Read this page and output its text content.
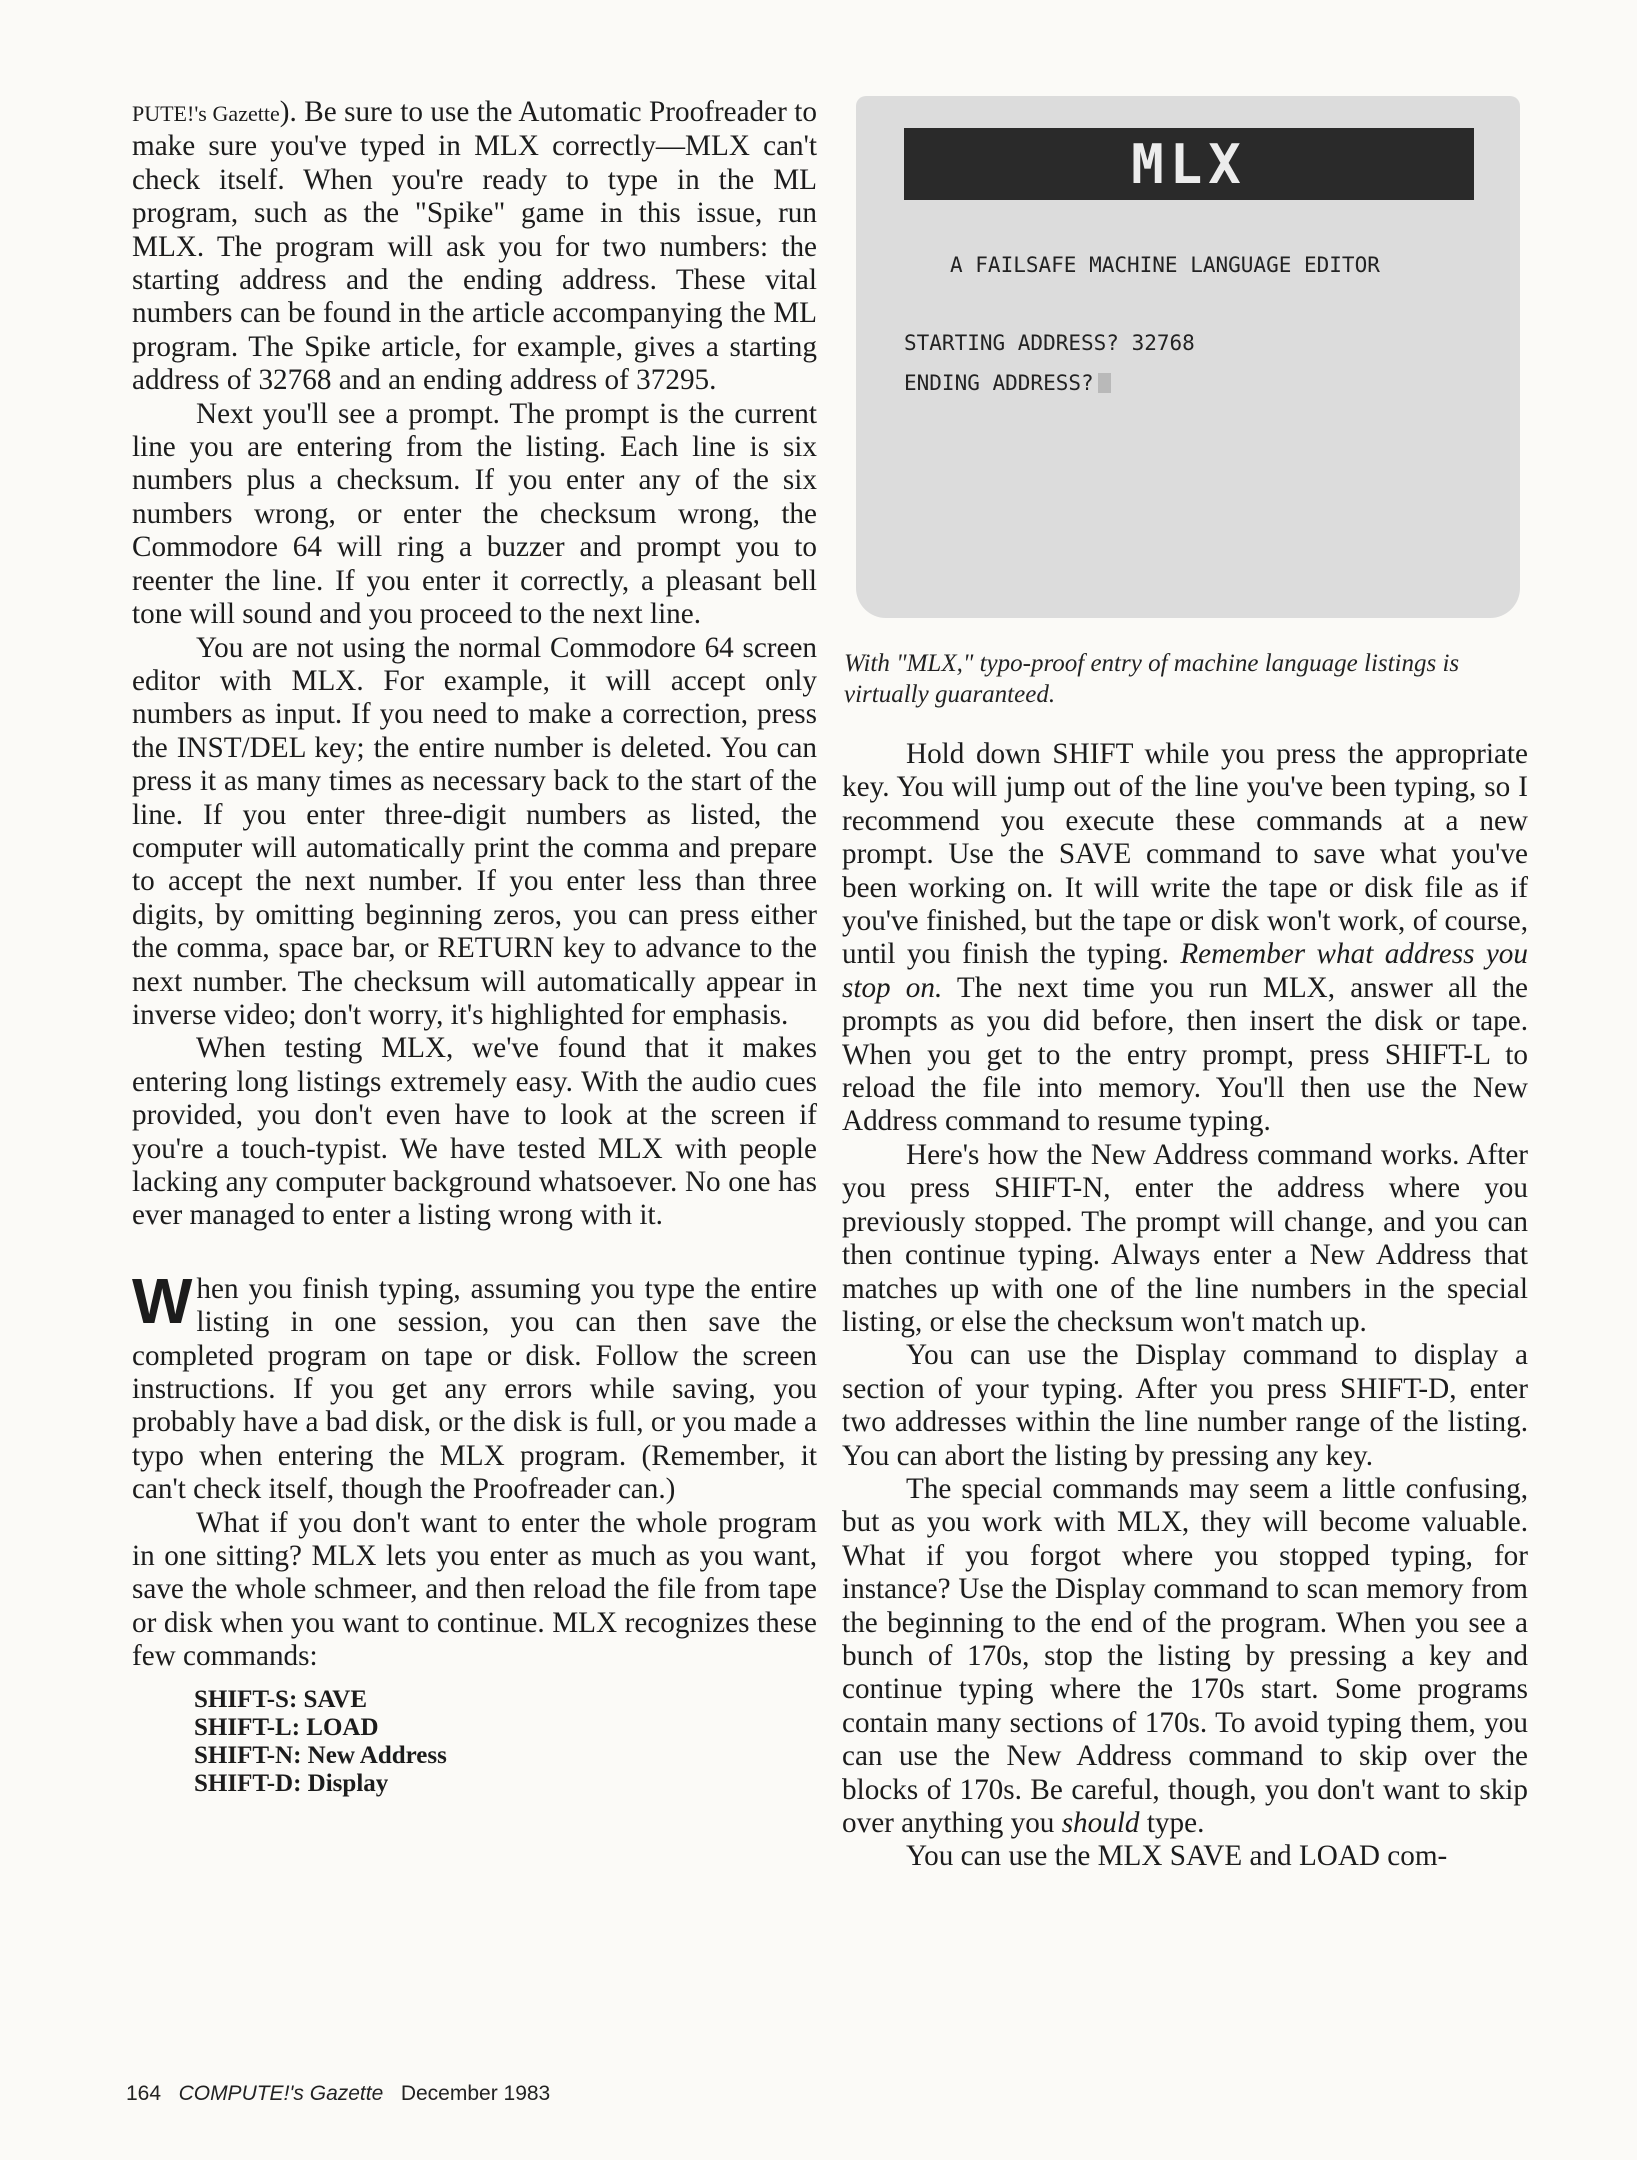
PUTE!'s Gazette). Be sure to use the Automatic Proofreader to make sure you've typed in MLX correctly—MLX can't check itself. When you're ready to type in the ML program, such as the "Spike" game in this issue, run MLX. The program will ask you for two numbers: the starting address and the ending address. These vital numbers can be found in the article accompanying the ML program. The Spike article, for example, gives a starting address of 32768 and an ending address of 37295.

Next you'll see a prompt. The prompt is the current line you are entering from the listing. Each line is six numbers plus a checksum. If you enter any of the six numbers wrong, or enter the checksum wrong, the Commodore 64 will ring a buzzer and prompt you to reenter the line. If you enter it correctly, a pleasant bell tone will sound and you proceed to the next line.

You are not using the normal Commodore 64 screen editor with MLX. For example, it will accept only numbers as input. If you need to make a correction, press the INST/DEL key; the entire number is deleted. You can press it as many times as necessary back to the start of the line. If you enter three-digit numbers as listed, the computer will automatically print the comma and prepare to accept the next number. If you enter less than three digits, by omitting beginning zeros, you can press either the comma, space bar, or RETURN key to advance to the next number. The checksum will automatically appear in inverse video; don't worry, it's highlighted for emphasis.

When testing MLX, we've found that it makes entering long listings extremely easy. With the audio cues provided, you don't even have to look at the screen if you're a touch-typist. We have tested MLX with people lacking any computer background whatsoever. No one has ever managed to enter a listing wrong with it.

When you finish typing, assuming you type the entire listing in one session, you can then save the completed program on tape or disk. Follow the screen instructions. If you get any errors while saving, you probably have a bad disk, or the disk is full, or you made a typo when entering the MLX program. (Remember, it can't check itself, though the Proofreader can.)

What if you don't want to enter the whole program in one sitting? MLX lets you enter as much as you want, save the whole schmeer, and then reload the file from tape or disk when you want to continue. MLX recognizes these few commands:

SHIFT-S: SAVE
SHIFT-L: LOAD
SHIFT-N: New Address
SHIFT-D: Display
MLX
A FAILSAFE MACHINE LANGUAGE EDITOR
STARTING ADDRESS? 32768
ENDING ADDRESS?
With "MLX," typo-proof entry of machine language listings is virtually guaranteed.

Hold down SHIFT while you press the appropriate key. You will jump out of the line you've been typing, so I recommend you execute these commands at a new prompt. Use the SAVE command to save what you've been working on. It will write the tape or disk file as if you've finished, but the tape or disk won't work, of course, until you finish the typing. Remember what address you stop on. The next time you run MLX, answer all the prompts as you did before, then insert the disk or tape. When you get to the entry prompt, press SHIFT-L to reload the file into memory. You'll then use the New Address command to resume typing.

Here's how the New Address command works. After you press SHIFT-N, enter the address where you previously stopped. The prompt will change, and you can then continue typing. Always enter a New Address that matches up with one of the line numbers in the special listing, or else the checksum won't match up.

You can use the Display command to display a section of your typing. After you press SHIFT-D, enter two addresses within the line number range of the listing. You can abort the listing by pressing any key.

The special commands may seem a little confusing, but as you work with MLX, they will become valuable. What if you forgot where you stopped typing, for instance? Use the Display command to scan memory from the beginning to the end of the program. When you see a bunch of 170s, stop the listing by pressing a key and continue typing where the 170s start. Some programs contain many sections of 170s. To avoid typing them, you can use the New Address command to skip over the blocks of 170s. Be careful, though, you don't want to skip over anything you should type.

You can use the MLX SAVE and LOAD com-

164 COMPUTE!'s Gazette December 1983
